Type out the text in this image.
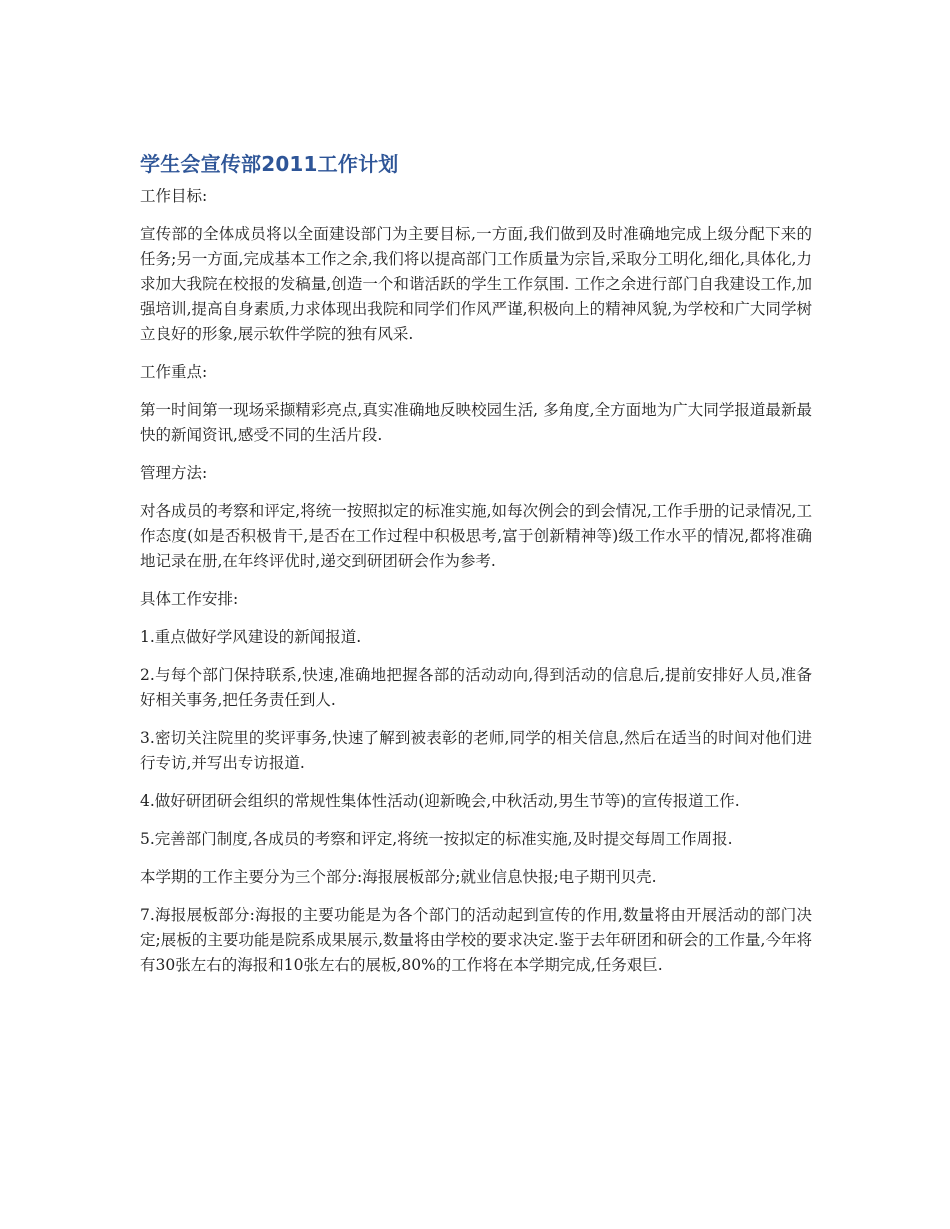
学生会宣传部2011工作计划

工作目标:

宣传部的全体成员将以全面建设部门为主要目标,一方面,我们做到及时准确地完成上级分配下来的任务;另一方面,完成基本工作之余,我们将以提高部门工作质量为宗旨,采取分工明化,细化,具体化,力求加大我院在校报的发稿量,创造一个和谐活跃的学生工作氛围. 工作之余进行部门自我建设工作,加强培训,提高自身素质,力求体现出我院和同学们作风严谨,积极向上的精神风貌,为学校和广大同学树立良好的形象,展示软件学院的独有风采.

工作重点:

第一时间第一现场采撷精彩亮点,真实准确地反映校园生活, 多角度,全方面地为广大同学报道最新最快的新闻资讯,感受不同的生活片段.

管理方法:

对各成员的考察和评定,将统一按照拟定的标准实施,如每次例会的到会情况,工作手册的记录情况,工作态度(如是否积极肯干,是否在工作过程中积极思考,富于创新精神等)级工作水平的情况,都将准确地记录在册,在年终评优时,递交到研团研会作为参考.

具体工作安排:

1.重点做好学风建设的新闻报道.

2.与每个部门保持联系,快速,准确地把握各部的活动动向,得到活动的信息后,提前安排好人员,准备好相关事务,把任务责任到人.

3.密切关注院里的奖评事务,快速了解到被表彰的老师,同学的相关信息,然后在适当的时间对他们进行专访,并写出专访报道.

4.做好研团研会组织的常规性集体性活动(迎新晚会,中秋活动,男生节等)的宣传报道工作.

5.完善部门制度,各成员的考察和评定,将统一按拟定的标准实施,及时提交每周工作周报.

本学期的工作主要分为三个部分:海报展板部分;就业信息快报;电子期刊贝壳.

7.海报展板部分:海报的主要功能是为各个部门的活动起到宣传的作用,数量将由开展活动的部门决定;展板的主要功能是院系成果展示,数量将由学校的要求决定.鉴于去年研团和研会的工作量,今年将有30张左右的海报和10张左右的展板,80%的工作将在本学期完成,任务艰巨.
